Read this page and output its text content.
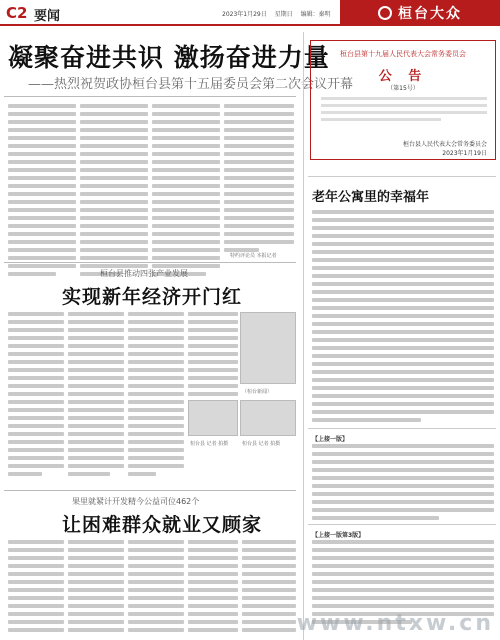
C2 要闻	2023年1月29日 星期日 编辑：秦明	桓台大众
凝聚奋进共识 激扬奋进力量
——热烈祝贺政协桓台县第十五届委员会第二次会议开幕
特约评论员 本报记者
桓台县推动四张产业发展
实现新年经济开门红
（桓台新闻）
桓台县 记者 拍摄	桓台县 记者 拍摄
果里就紧计开发精今公益司位462个
让困难群众就业又顾家
桓台县第十九届人民代表大会常务委员会
公 告
（第15号）
桓台县人民代表大会常务委员会
2023年1月19日
老年公寓里的幸福年
【上接一版】
【上接一版第3版】
www.ntxw.cn
